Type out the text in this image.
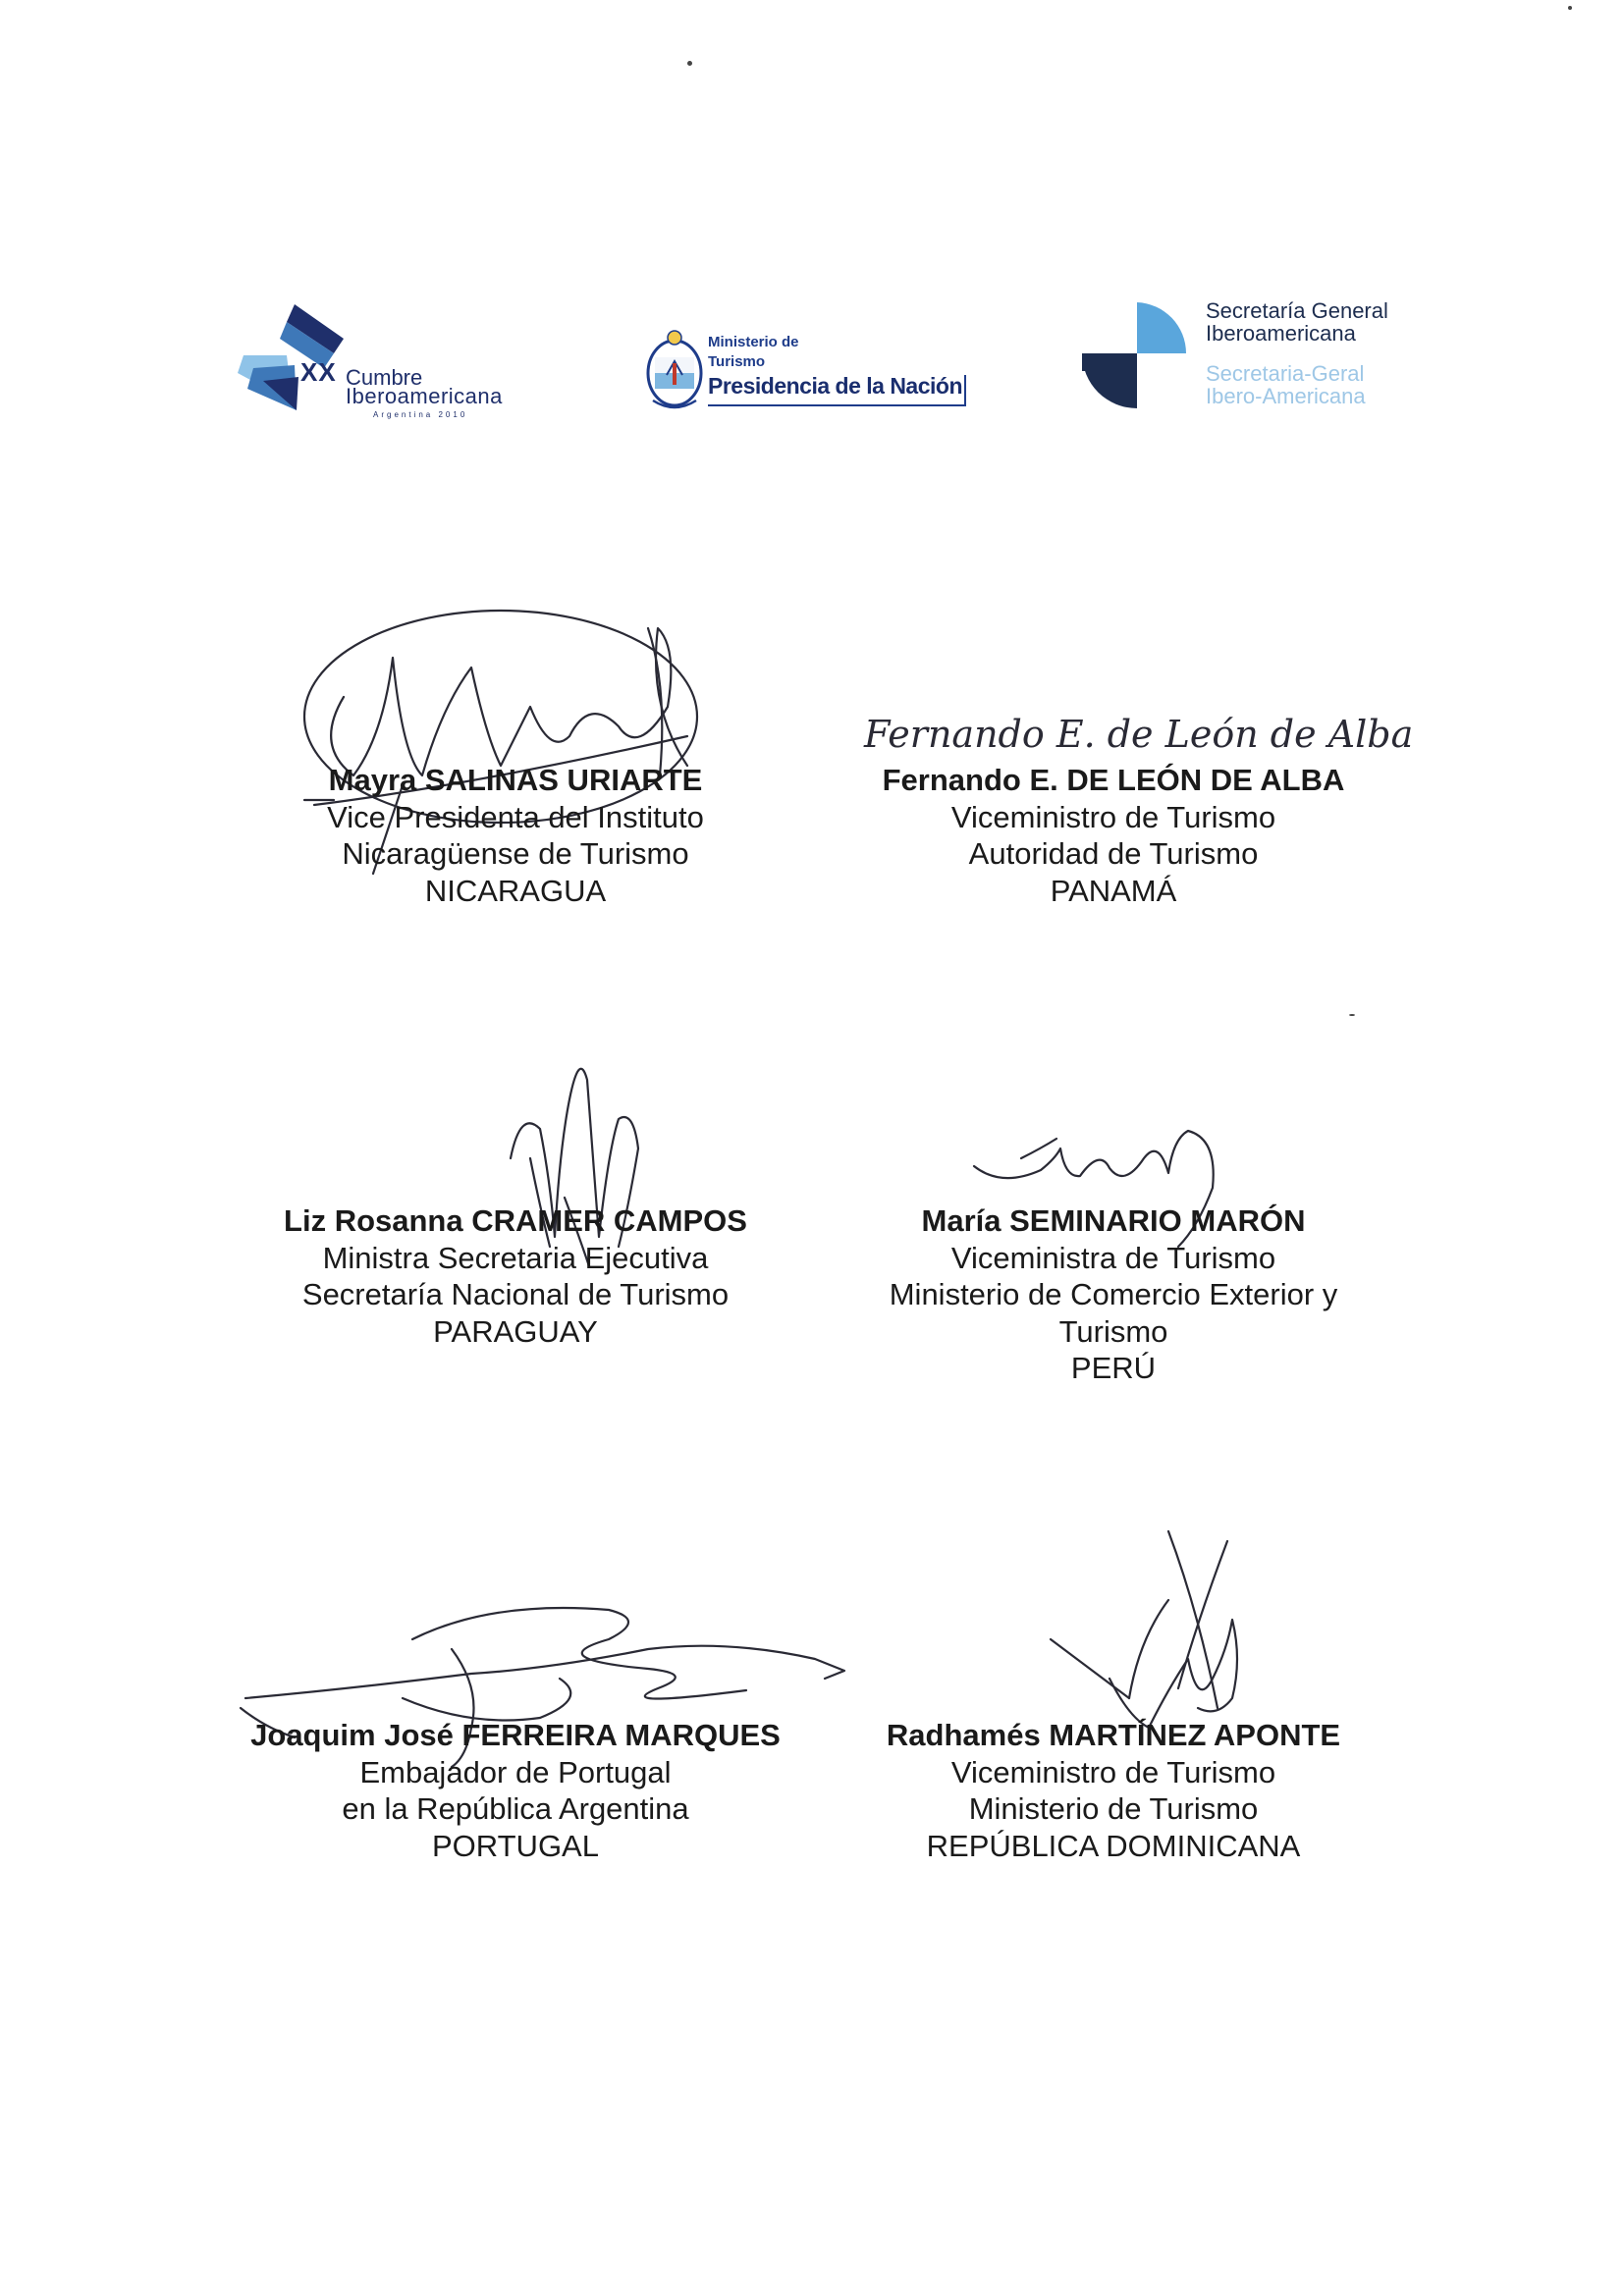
XX Cumbre
Iberoamericana
Argentina 2010
Ministerio de
Turismo
Presidencia de la Nación
Secretaría General
Iberoamericana
Secretaria-Geral
Ibero-Americana
Fernando E. de León de Alba
Mayra SALINAS URIARTE
Vice Presidenta del Instituto
Nicaragüense de Turismo
NICARAGUA
Fernando E. DE LEÓN DE ALBA
Viceministro de Turismo
Autoridad de Turismo
PANAMÁ
Liz Rosanna CRAMER CAMPOS
Ministra Secretaria Ejecutiva
Secretaría Nacional de Turismo
PARAGUAY
María SEMINARIO MARÓN
Viceministra de Turismo
Ministerio de Comercio Exterior y
Turismo
PERÚ
Joaquim José FERREIRA MARQUES
Embajador de Portugal
en la República Argentina
PORTUGAL
Radhamés MARTÍNEZ APONTE
Viceministro de Turismo
Ministerio de Turismo
REPÚBLICA DOMINICANA
